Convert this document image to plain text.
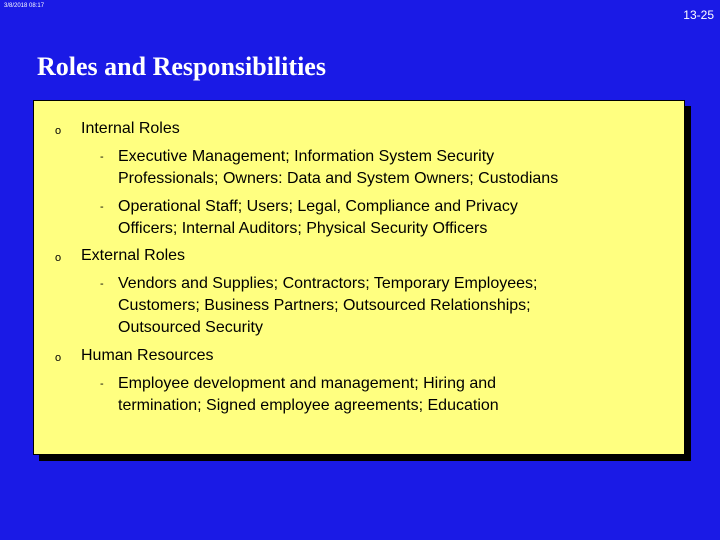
3/8/2018 08:17
13-25
Roles and Responsibilities
o Internal Roles
- Executive Management; Information System Security
Professionals; Owners: Data and System Owners; Custodians
- Operational Staff; Users; Legal, Compliance and Privacy
Officers; Internal Auditors; Physical Security Officers
o External Roles
- Vendors and Supplies; Contractors; Temporary Employees;
Customers; Business Partners; Outsourced Relationships;
Outsourced Security
o Human Resources
- Employee development and management; Hiring and
termination; Signed employee agreements; Education
